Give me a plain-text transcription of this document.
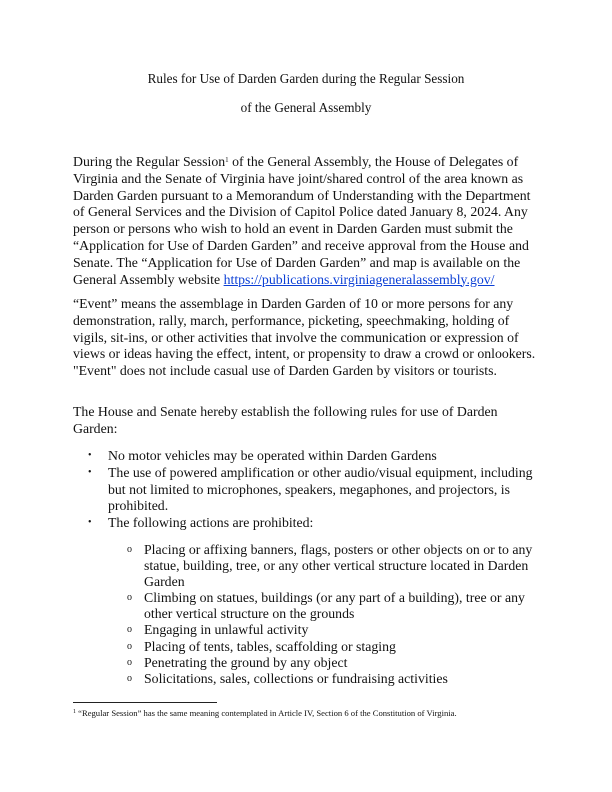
Rules for Use of Darden Garden during the Regular Session
of the General Assembly

During the Regular Session$^1$ of the General Assembly, the House of Delegates of Virginia and the Senate of Virginia have joint/shared control of the area known as Darden Garden pursuant to a Memorandum of Understanding with the Department of General Services and the Division of Capitol Police dated January 8, 2024. Any person or persons who wish to hold an event in Darden Garden must submit the “Application for Use of Darden Garden” and receive approval from the House and Senate. The “Application for Use of Darden Garden” and map is available on the General Assembly website https://publications.virginiageneralassembly.gov/

“Event” means the assemblage in Darden Garden of 10 or more persons for any demonstration, rally, march, performance, picketing, speechmaking, holding of vigils, sit-ins, or other activities that involve the communication or expression of views or ideas having the effect, intent, or propensity to draw a crowd or onlookers. "Event" does not include casual use of Darden Garden by visitors or tourists.

The House and Senate hereby establish the following rules for use of Darden Garden:

• No motor vehicles may be operated within Darden Gardens
• The use of powered amplification or other audio/visual equipment, including but not limited to microphones, speakers, megaphones, and projectors, is prohibited.
• The following actions are prohibited:
o Placing or affixing banners, flags, posters or other objects on or to any statue, building, tree, or any other vertical structure located in Darden Garden
o Climbing on statues, buildings (or any part of a building), tree or any other vertical structure on the grounds
o Engaging in unlawful activity
o Placing of tents, tables, scaffolding or staging
o Penetrating the ground by any object
o Solicitations, sales, collections or fundraising activities
$^1$ “Regular Session” has the same meaning contemplated in Article IV, Section 6 of the Constitution of Virginia.
